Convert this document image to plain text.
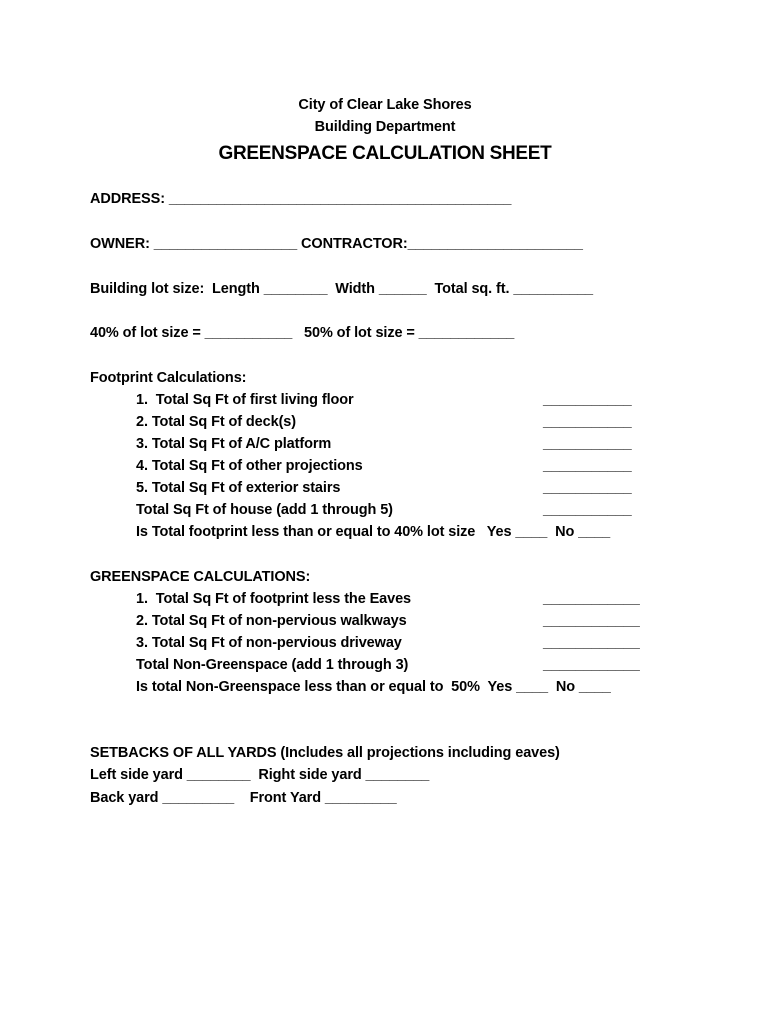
City of Clear Lake Shores
Building Department
GREENSPACE CALCULATION SHEET
ADDRESS: ___________________________________________
OWNER: __________________ CONTRACTOR:______________________
Building lot size:  Length ________  Width ______  Total sq. ft. __________
40% of lot size = ___________   50% of lot size = ____________
Footprint Calculations:
1. Total Sq Ft of first living floor	___________
2. Total Sq Ft of deck(s)	___________
3. Total Sq Ft of A/C platform	___________
4. Total Sq Ft of other projections	___________
5. Total Sq Ft of exterior stairs	___________
Total Sq Ft of house (add 1 through 5)	___________
Is Total footprint less than or equal to 40% lot size   Yes ____  No ____
GREENSPACE CALCULATIONS:
1. Total Sq Ft of footprint less the Eaves	____________
2. Total Sq Ft of non-pervious walkways	____________
3. Total Sq Ft of non-pervious driveway	____________
Total Non-Greenspace (add 1 through 3)	____________
Is total Non-Greenspace less than or equal to  50%  Yes ____  No ____
SETBACKS OF ALL YARDS (Includes all projections including eaves)
Left side yard ________  Right side yard ________
Back yard _________    Front Yard _________
